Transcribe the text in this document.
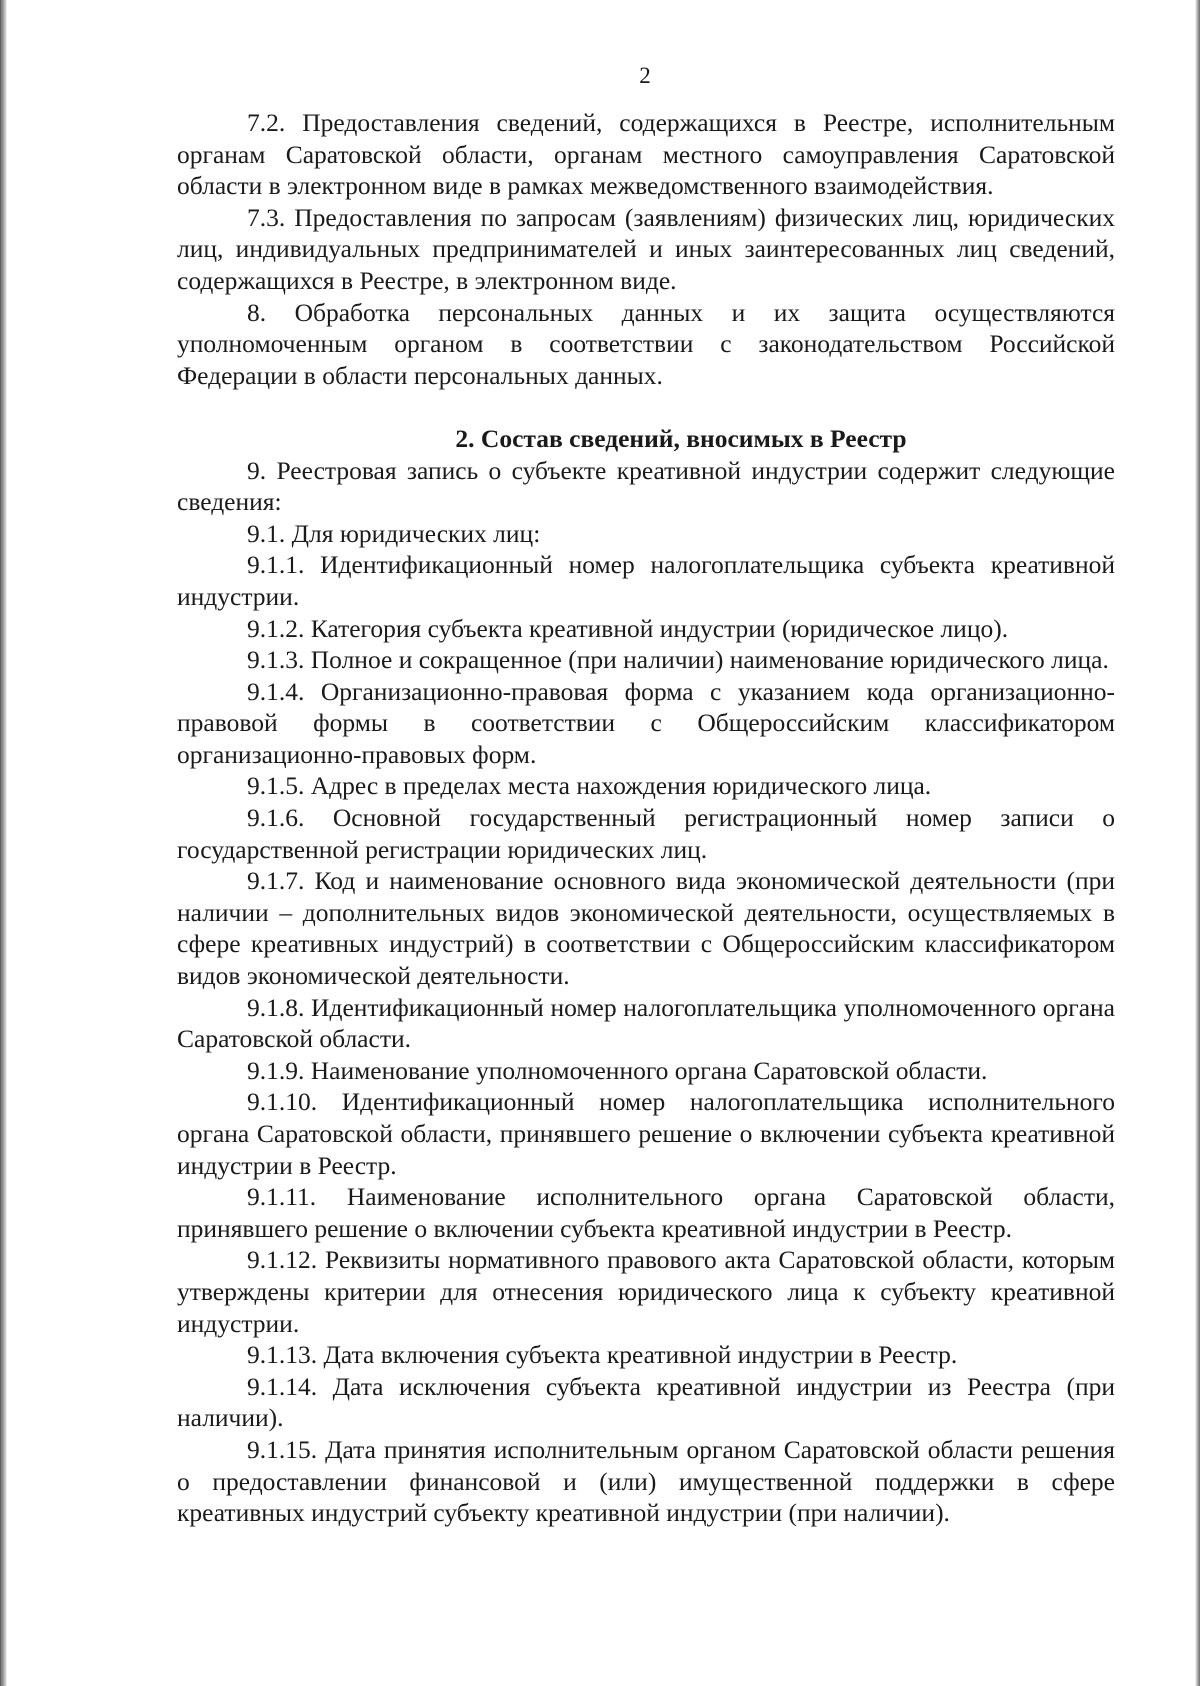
2

7.2. Предоставления сведений, содержащихся в Реестре, исполнительным органам Саратовской области, органам местного самоуправления Саратовской области в электронном виде в рамках межведомственного взаимодействия.

7.3. Предоставления по запросам (заявлениям) физических лиц, юридических лиц, индивидуальных предпринимателей и иных заинтересованных лиц сведений, содержащихся в Реестре, в электронном виде.

8. Обработка персональных данных и их защита осуществляются уполномоченным органом в соответствии с законодательством Российской Федерации в области персональных данных.

2. Состав сведений, вносимых в Реестр

9. Реестровая запись о субъекте креативной индустрии содержит следующие сведения:

9.1. Для юридических лиц:

9.1.1. Идентификационный номер налогоплательщика субъекта креативной индустрии.

9.1.2. Категория субъекта креативной индустрии (юридическое лицо).

9.1.3. Полное и сокращенное (при наличии) наименование юридического лица.

9.1.4. Организационно-правовая форма с указанием кода организационно-правовой формы в соответствии с Общероссийским классификатором организационно-правовых форм.

9.1.5. Адрес в пределах места нахождения юридического лица.

9.1.6. Основной государственный регистрационный номер записи о государственной регистрации юридических лиц.

9.1.7. Код и наименование основного вида экономической деятельности (при наличии – дополнительных видов экономической деятельности, осуществляемых в сфере креативных индустрий) в соответствии с Общероссийским классификатором видов экономической деятельности.

9.1.8. Идентификационный номер налогоплательщика уполномоченного органа Саратовской области.

9.1.9. Наименование уполномоченного органа Саратовской области.

9.1.10. Идентификационный номер налогоплательщика исполнительного органа Саратовской области, принявшего решение о включении субъекта креативной индустрии в Реестр.

9.1.11. Наименование исполнительного органа Саратовской области, принявшего решение о включении субъекта креативной индустрии в Реестр.

9.1.12. Реквизиты нормативного правового акта Саратовской области, которым утверждены критерии для отнесения юридического лица к субъекту креативной индустрии.

9.1.13. Дата включения субъекта креативной индустрии в Реестр.

9.1.14. Дата исключения субъекта креативной индустрии из Реестра (при наличии).

9.1.15. Дата принятия исполнительным органом Саратовской области решения о предоставлении финансовой и (или) имущественной поддержки в сфере креативных индустрий субъекту креативной индустрии (при наличии).
